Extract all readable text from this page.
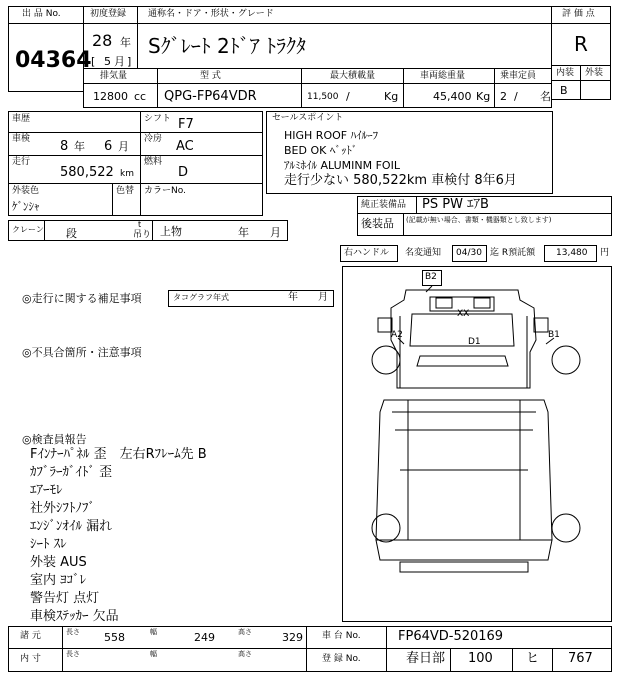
出 品 No.
04364
初度登録 通称名・ドア・形状・グレード
28 年
[ 5 月 ]
Sｸﾞﾚｰﾄ 2ﾄﾞｱ ﾄﾗｸﾀ
評 価 点
R
内装 外装
B
排気量	型 式	最大積載量	車両総重量	乗車定員
12800 cc QPG-FP64VDR	11,500 /	Kg	45,400 Kg 2 / 名
車歴	シフト F7
車検 8 年 6 月
冷房 AC
走行
580,522 km
燃料
D
外装色
ｹﾞﾝｼｬ
色替 カラーNo.
セールスポイント
HIGH ROOF ﾊｲﾙｰﾌ
BED OK ﾍﾞｯﾄﾞ
ｱﾙﾐﾎｲﾙ ALUMINM FOIL
走行少ない 580,522km 車検付 8年6月
純正装備品 PS PW ｴｱB
後装品 (記載が無い場合、書類・機器類とし致します)
クレーン 段
t
吊り 上物	年 月
右ハンドル 名変通知 04/30 迄 R預託額 13,480 円
◎走行に関する補足事項	タコグラフ年式	年 月
◎不具合箇所・注意事項
◎検査員報告
Fｲﾝﾅｰﾊﾟﾈﾙ 歪　左右Rﾌﾚｰﾑ先 B
ｶﾌﾞﾗｰｶﾞｲﾄﾞ 歪
ｴｱｰﾓﾚ
社外ｼﾌﾄﾉﾌﾞ
ｴﾝｼﾞﾝｵｲﾙ 漏れ
ｼｰﾄ ｽﾚ
外装 AUS
室内 ﾖｺﾞﾚ
警告灯 点灯
車検ｽﾃｯｶｰ 欠品
B2
XX
A2
D1
B1
諸 元	長さ 558	幅	249	高さ	329
内 寸	長さ	幅	高さ
車 台 No.	FP64VD-520169
登 録 No.	春日部 100	ヒ 767
